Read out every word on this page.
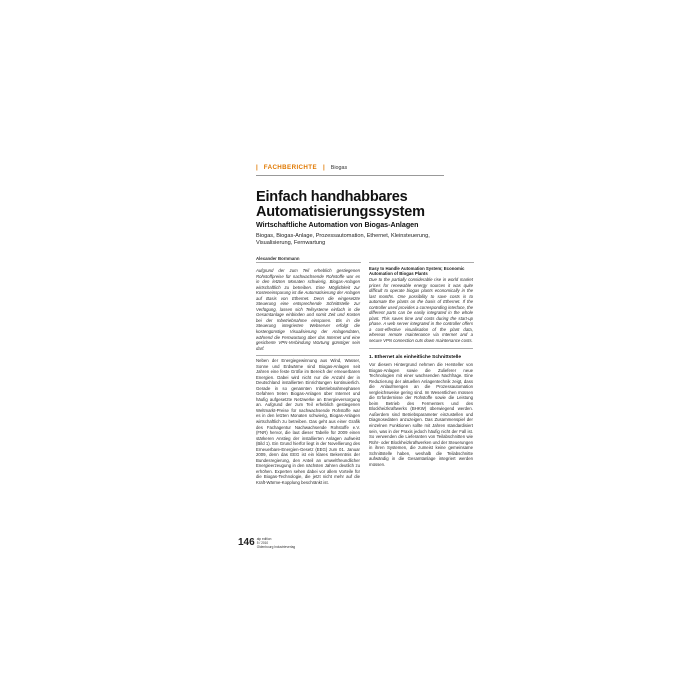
| FACHBERICHTE | Biogas
Einfach handhabbares
Automatisierungssystem
Wirtschaftliche Automation von Biogas-Anlagen
Biogas, Biogas-Anlage, Prozessautomation, Ethernet, Kleinsteuerung, Visualisierung, Fernwartung
Alexander Bornmann
Aufgrund der zum Teil erheblich gestiegenen Rohstoffpreise für nachwachsende Rohstoffe war es in den letzten Monaten schwierig, Biogas-Anlagen wirtschaftlich zu betreiben. Eine Möglichkeit zur Kosteneinsparung ist die Automatisierung der Anlagen auf Basis von Ethernet. Denn die eingesetzte Steuerung eine entsprechende Schnittstelle zur Verfügung, lassen sich Teilsysteme einfach in die Gesamtanlage einbinden und somit Zeit und Kosten bei der Inbetriebnahme einsparen. Bis in die Steuerung integrierten Webserver erfolgt die kostengünstige Visualisierung der Anlagendaten, während die Fernwartung über das Internet und eine gesicherte VPN-Verbindung Wartung günstiger sein darf.
Easy to Handle Automation System; Economic Automation of Biogas Plants
Due to the partially considerable rise in world market prices for renewable energy sources it was quite difficult to operate biogas plants economically in the last months. One possibility to save costs is to automate the plants on the basis of Ethernet. If the controller used provides a corresponding interface, the different parts can be easily integrated in the whole plant. This saves time and costs during the start-up phase. A web server integrated in the controller offers a cost-effective visualisation of the plant data, whereas remote maintenance via Internet and a secure VPN connection cuts down maintenance costs.
Neben der Energiegewinnung aus Wind, Wasser, Sonne und Erdwärme sind Biogas-Anlagen seit Jahren eine feste Größe im Bereich der erneuerbaren Energien. Dabei wird nicht nur die Anzahl der in Deutschland installierten Einrichtungen kontinuierlich. Gerade in so genannten Inbetriebnahmephasen Gefahren treten Biogas-Anlagen über Internet und häufig aufgesetzte Netzwerke an Energieversorgung an. Aufgrund der zum Teil erheblich gestiegenen Weltmarkt-Preise für nachwachsende Rohstoffe war es in den letzten Monaten schwierig, Biogas-Anlagen wirtschaftlich zu betreiben. Das geht aus einer Grafik des Fachagentur Nachwachsende Rohstoffe e.V. (FNR) hervor, die laut dieser Tabelle für 2009 einen stärkeren Anstieg der installierten Anlagen aufweist (Bild 1). Ein Grund hierfür liegt in der Novellierung des Erneuerbare-Energien-Gesetz (EEG) zum 01. Januar 2009, denn das EEG ist ein klares Bekenntnis der Bundesregierung, den Anteil an umweltfreundlicher Energieerzeugung in den nächsten Jahren deutlich zu erhöhen. Experten sehen dabei vor allem Vorteile für die Biogas-Technologie, die jetzt nicht mehr auf die Kraft-Wärme-Kopplung beschränkt ist.
1. Ethernet als einheitliche Schnittstelle
Vor diesem Hintergrund nehmen die Hersteller von Biogas-Anlagen sowie die Zulieferer neue Technologien mit einer wachsenden Nachfrage. Eine Reduzierung der aktuellen Anlagentechnik zeigt, dass die Anlaufmengen an die Prozessautomation vergleichsweise gering sind. Im Wesentlichen müssen die Erfordernisse der Rohstoffe sowie die Leistung beim Betrieb des Fermenters und des Blockheizkraftwerks (BHKW) überwiegend werden. Außerdem sind Betriebsparameter einzustellen und Diagnosedaten anzuzeigen. Das Zusammenspiel der einzelnen Funktionen sollte mit Jahren standardisiert sein, was in der Praxis jedoch häufig nicht der Fall ist. So verwenden die Lieferanten von Teilabschnitten wie Rühr- oder Blockheizkraftwerken und der Steuerungen in ihren Systemen, die zumeist keine gemeinsame Schnittstelle haben, weshalb die Teilabschnitte aufwändig in die Gesamtanlage integriert werden müssen.
146 atp edition
5 / 2010
Oldenbourg Industrieverlag
